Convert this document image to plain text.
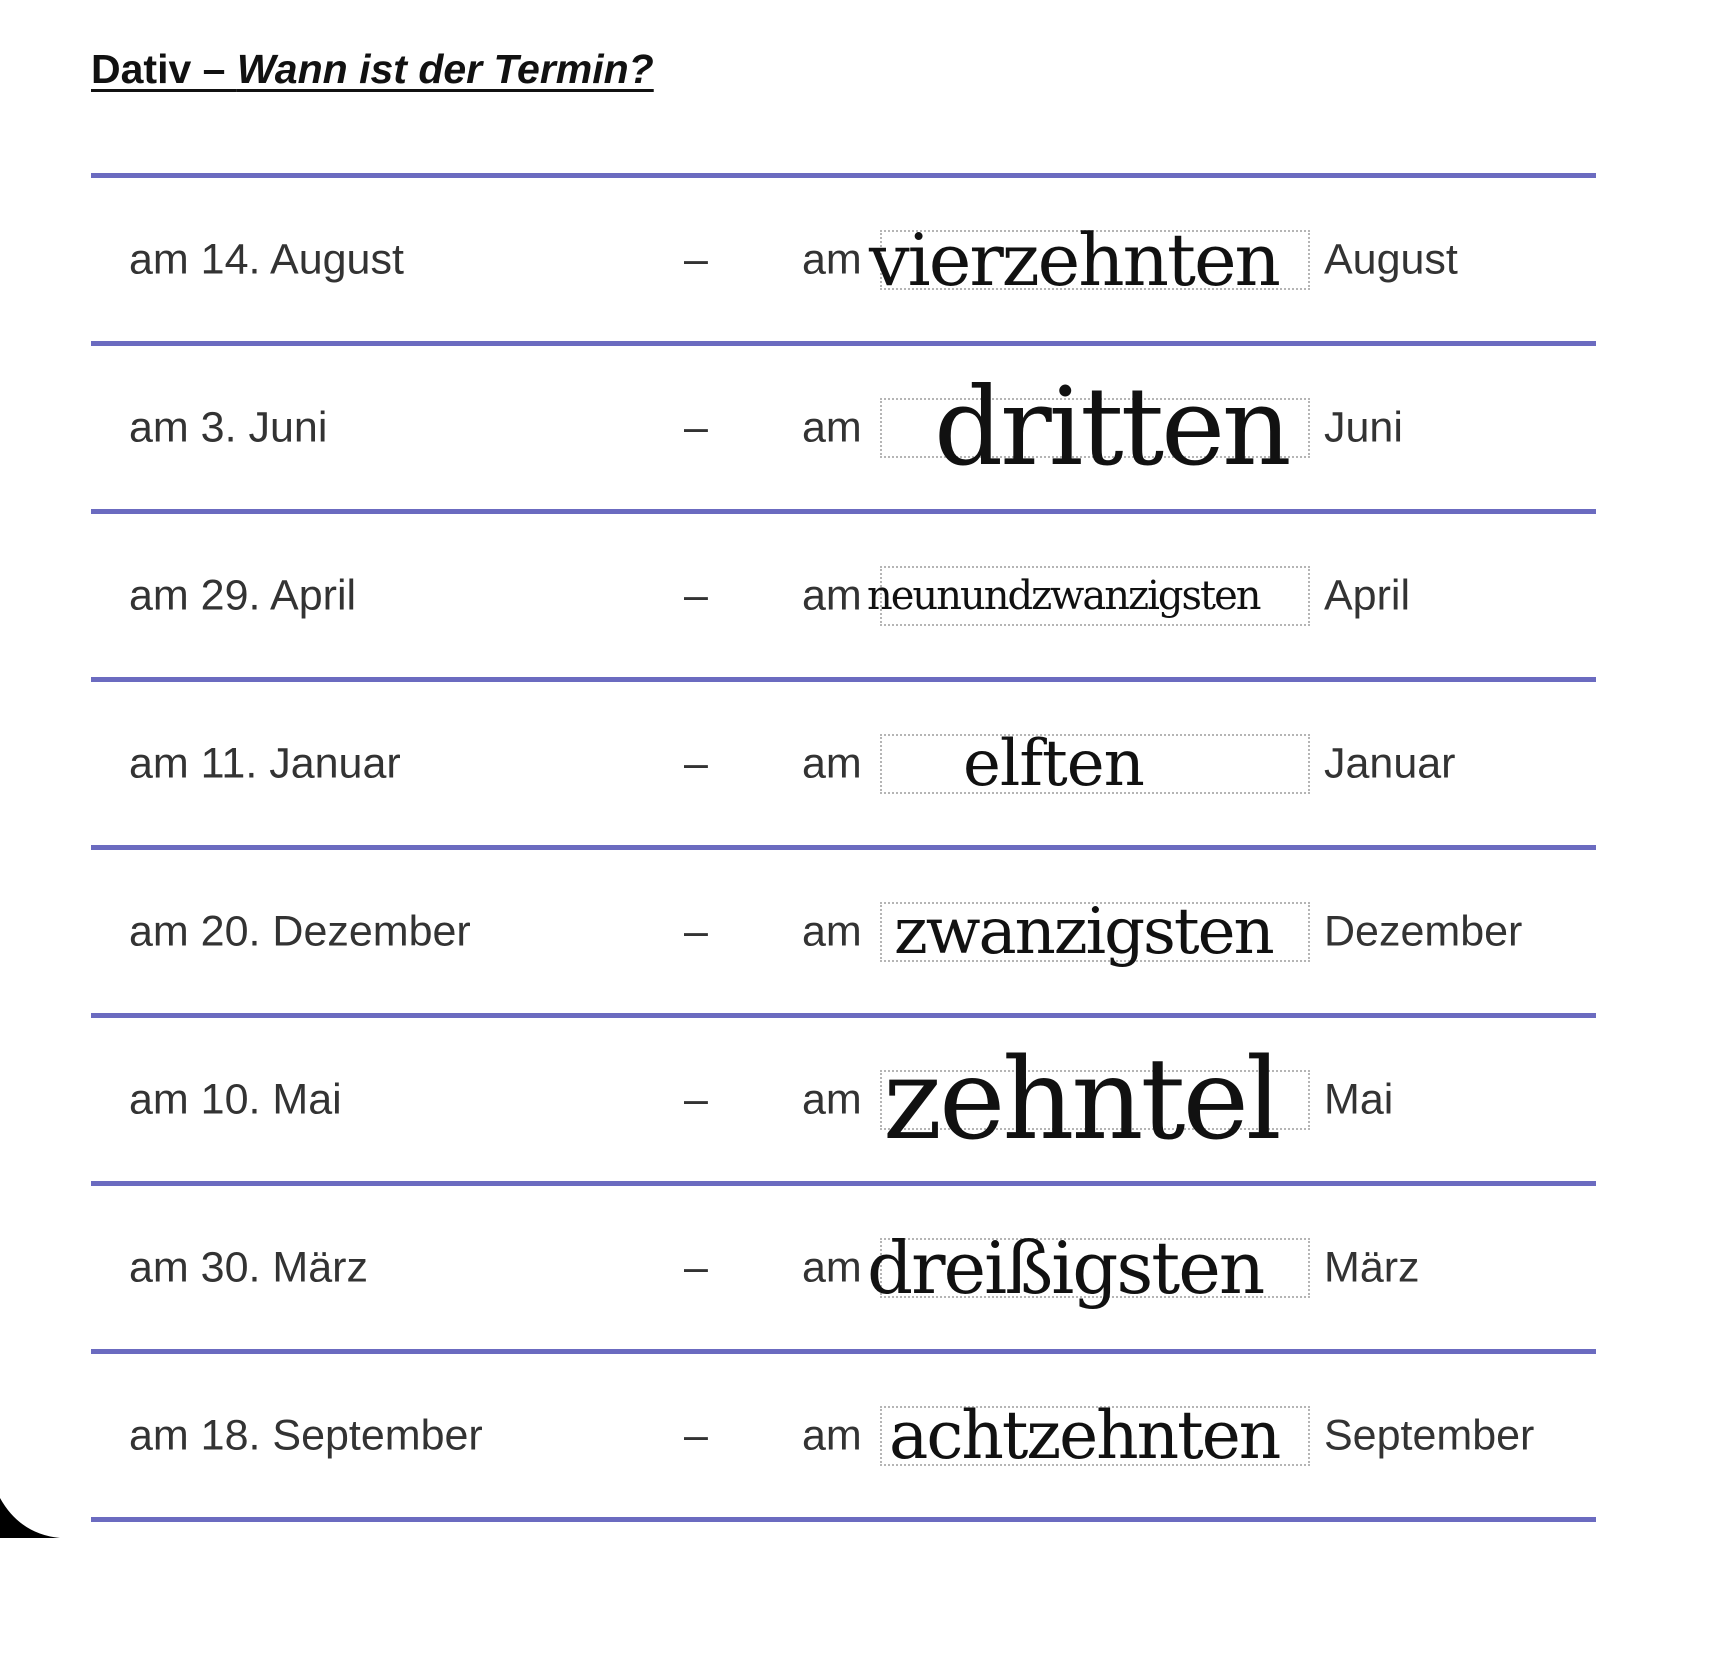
Dativ – Wann ist der Termin?
am 14. August	– am vierzehnten August
am 3. Juni	– am dritten Juni
am 29. April	– am neunundzwanzigsten April
am 11. Januar	– am elften	Januar
am 20. Dezember	– am zwanzigsten Dezember
am 10. Mai	– am zehntel Mai
am 30. März	– am dreißigsten März
am 18. September	– am achtzehnten September
